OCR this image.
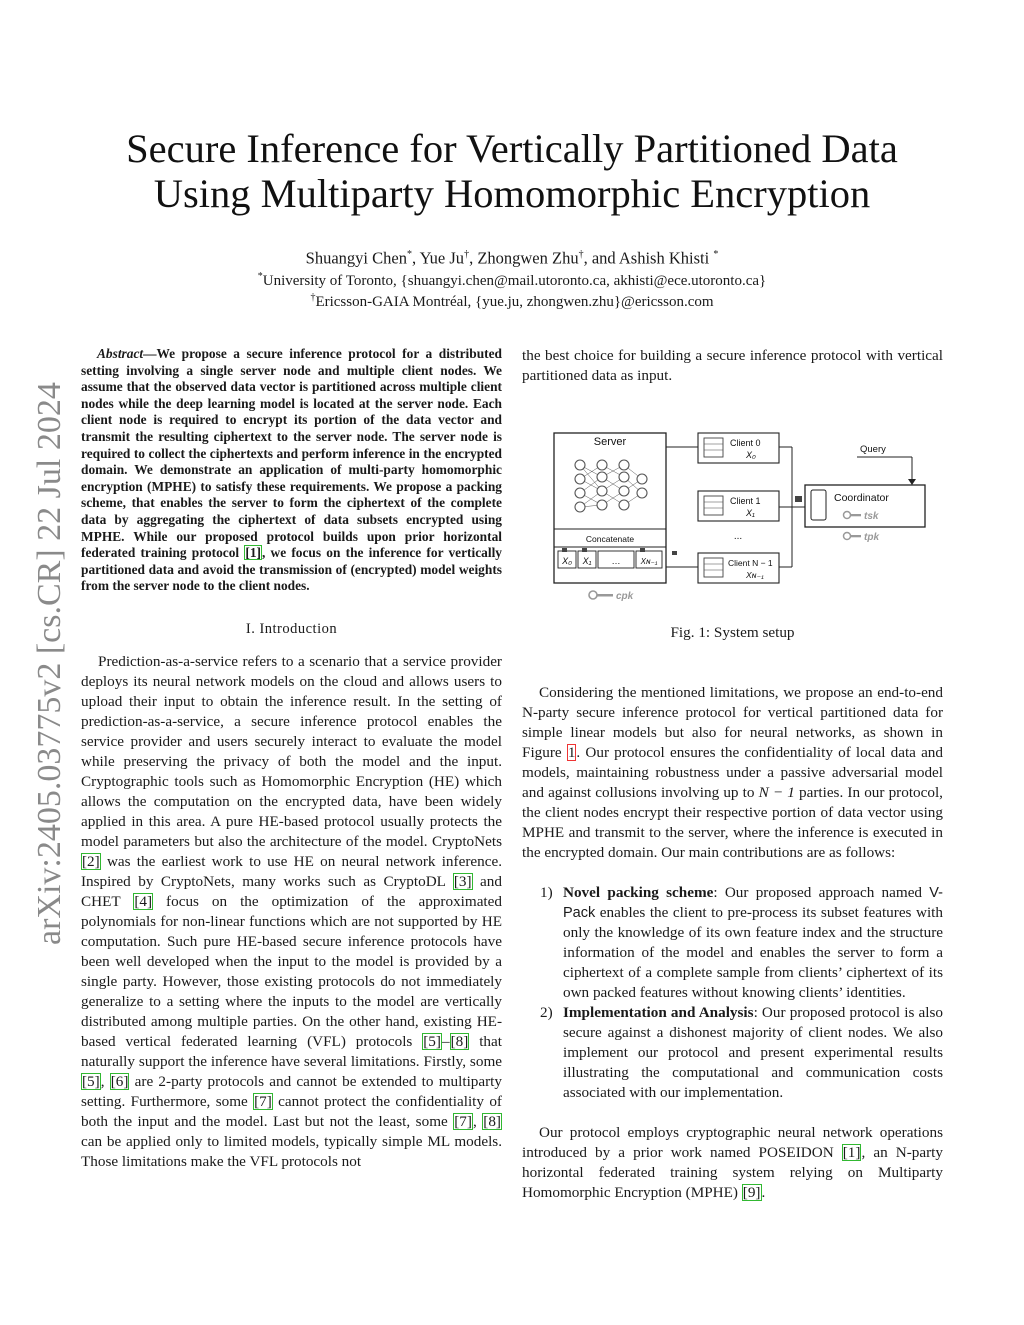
arXiv:2405.03775v2 [cs.CR] 22 Jul 2024
Secure Inference for Vertically Partitioned Data
Using Multiparty Homomorphic Encryption
Shuangyi Chen*, Yue Ju†, Zhongwen Zhu†, and Ashish Khisti *
*University of Toronto, {shuangyi.chen@mail.utoronto.ca, akhisti@ece.utoronto.ca}
†Ericsson-GAIA Montréal, {yue.ju, zhongwen.zhu}@ericsson.com

Abstract—We propose a secure inference protocol for a distributed setting involving a single server node and multiple client nodes. We assume that the observed data vector is partitioned across multiple client nodes while the deep learning model is located at the server node. Each client node is required to encrypt its portion of the data vector and transmit the resulting ciphertext to the server node. The server node is required to collect the ciphertexts and perform inference in the encrypted domain. We demonstrate an application of multi-party homomorphic encryption (MPHE) to satisfy these requirements. We propose a packing scheme, that enables the server to form the ciphertext of the complete data by aggregating the ciphertext of data subsets encrypted using MPHE. While our proposed protocol builds upon prior horizontal federated training protocol [1], we focus on the inference for vertically partitioned data and avoid the transmission of (encrypted) model weights from the server node to the client nodes.

I. Introduction

Prediction-as-a-service refers to a scenario that a service provider deploys its neural network models on the cloud and allows users to upload their input to obtain the inference result. In the setting of prediction-as-a-service, a secure inference protocol enables the service provider and users securely interact to evaluate the model while preserving the privacy of both the model and the input. Cryptographic tools such as Homomorphic Encryption (HE) which allows the computation on the encrypted data, have been widely applied in this area. A pure HE-based protocol usually protects the model parameters but also the architecture of the model. CryptoNets [2] was the earliest work to use HE on neural network inference. Inspired by CryptoNets, many works such as CryptoDL [3] and CHET [4] focus on the optimization of the approximated polynomials for non-linear functions which are not supported by HE computation. Such pure HE-based secure inference protocols have been well developed when the input to the model is provided by a single party. However, those existing protocols do not immediately generalize to a setting where the inputs to the model are vertically distributed among multiple parties. On the other hand, existing HE-based vertical federated learning (VFL) protocols [5]–[8] that naturally support the inference have several limitations. Firstly, some [5], [6] are 2-party protocols and cannot be extended to multiparty setting. Furthermore, some [7] cannot protect the confidentiality of both the input and the model. Last but not the least, some [7], [8] can be applied only to limited models, typically simple ML models. Those limitations make the VFL protocols not

the best choice for building a secure inference protocol with vertical partitioned data as input.

Server
Concatenate
X₀ X₁ …	Xɴ₋₁
cpk
Client 0
X₀
Client 1
X₁
...
Client N − 1
Xɴ₋₁
Query
Coordinator
tsk
tpk
Fig. 1: System setup

Considering the mentioned limitations, we propose an end-to-end N-party secure inference protocol for vertical partitioned data for simple linear models but also for neural networks, as shown in Figure 1. Our protocol ensures the confidentiality of local data and models, maintaining robustness under a passive adversarial model and against collusions involving up to N − 1 parties. In our protocol, the client nodes encrypt their respective portion of data vector using MPHE and transmit to the server, where the inference is executed in the encrypted domain. Our main contributions are as follows:

1) Novel packing scheme: Our proposed approach named V-Pack enables the client to pre-process its subset features with only the knowledge of its own feature index and the structure information of the model and enables the server to form a ciphertext of a complete sample from clients’ ciphertext of its own packed features without knowing clients’ identities.
2) Implementation and Analysis: Our proposed protocol is also secure against a dishonest majority of client nodes. We also implement our protocol and present experimental results illustrating the computational and communication costs associated with our implementation.

Our protocol employs cryptographic neural network operations introduced by a prior work named POSEIDON [1], an N-party horizontal federated training system relying on Multiparty Homomorphic Encryption (MPHE) [9].
